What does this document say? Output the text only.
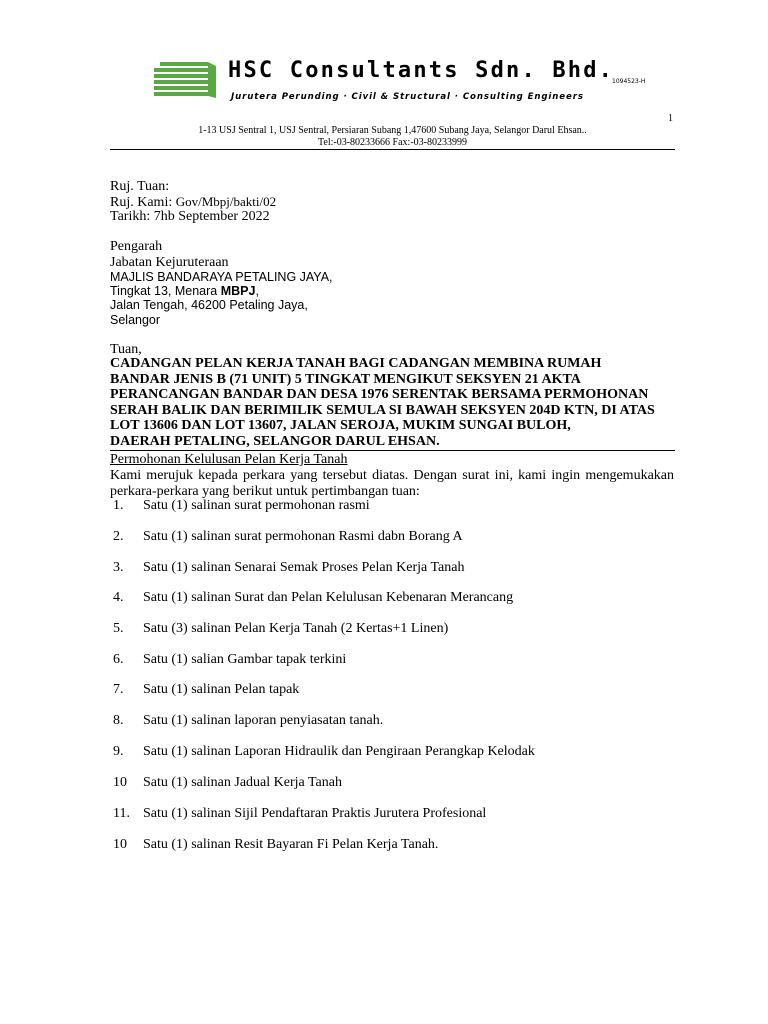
HSC Consultants Sdn. Bhd.
1094523-H
Jurutera Perunding · Civil & Structural · Consulting Engineers
1
1-13 USJ Sentral 1, USJ Sentral, Persiaran Subang 1,47600 Subang Jaya, Selangor Darul Ehsan..
Tel:-03-80233666 Fax:-03-80233999
Ruj. Tuan:
Ruj. Kami: Gov/Mbpj/bakti/02
Tarikh: 7hb September 2022
Pengarah
Jabatan Kejuruteraan
MAJLIS BANDARAYA PETALING JAYA,
Tingkat 13, Menara MBPJ,
Jalan Tengah, 46200 Petaling Jaya,
Selangor
Tuan,
CADANGAN PELAN KERJA TANAH BAGI CADANGAN MEMBINA RUMAH
BANDAR JENIS B (71 UNIT) 5 TINGKAT MENGIKUT SEKSYEN 21 AKTA
PERANCANGAN BANDAR DAN DESA 1976 SERENTAK BERSAMA PERMOHONAN
SERAH BALIK DAN BERIMILIK SEMULA SI BAWAH SEKSYEN 204D KTN, DI ATAS
LOT 13606 DAN LOT 13607, JALAN SEROJA, MUKIM SUNGAI BULOH,
DAERAH PETALING, SELANGOR DARUL EHSAN.
Permohonan Kelulusan Pelan Kerja Tanah
Kami merujuk kepada perkara yang tersebut diatas. Dengan surat ini, kami ingin mengemukakan perkara-perkara yang berikut untuk pertimbangan tuan:
1. Satu (1) salinan surat permohonan rasmi
2. Satu (1) salinan surat permohonan Rasmi dabn Borang A
3. Satu (1) salinan Senarai Semak Proses Pelan Kerja Tanah
4. Satu (1) salinan Surat dan Pelan Kelulusan Kebenaran Merancang
5. Satu (3) salinan Pelan Kerja Tanah (2 Kertas+1 Linen)
6. Satu (1) salian Gambar tapak terkini
7. Satu (1) salinan Pelan tapak
8. Satu (1) salinan laporan penyiasatan tanah.
9. Satu (1) salinan Laporan Hidraulik dan Pengiraan Perangkap Kelodak
10 Satu (1) salinan Jadual Kerja Tanah
11. Satu (1) salinan Sijil Pendaftaran Praktis Jurutera Profesional
10 Satu (1) salinan Resit Bayaran Fi Pelan Kerja Tanah.
